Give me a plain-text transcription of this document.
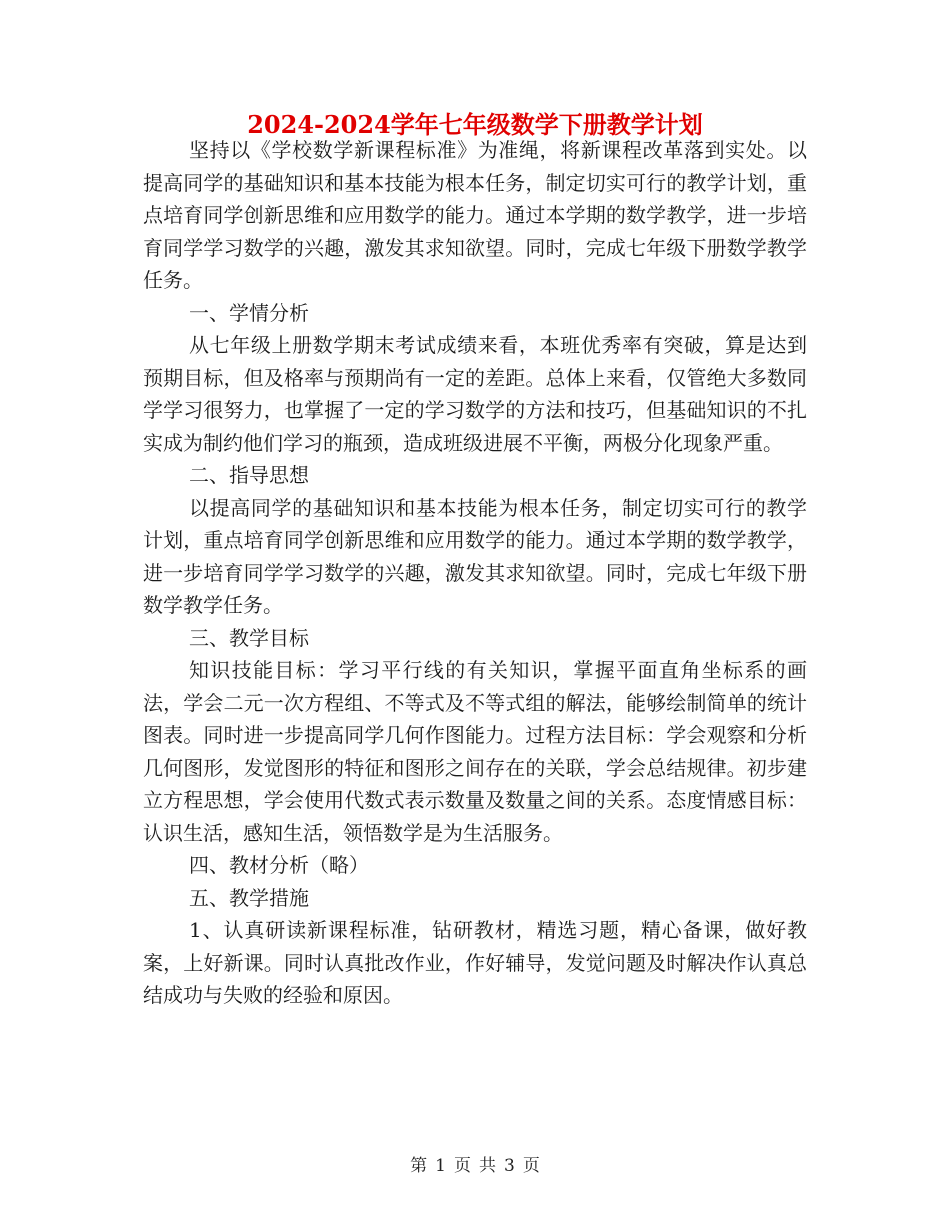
2024-2024学年七年级数学下册教学计划

坚持以《学校数学新课程标准》为准绳，将新课程改革落到实处。以提高同学的基础知识和基本技能为根本任务，制定切实可行的教学计划，重点培育同学创新思维和应用数学的能力。通过本学期的数学教学，进一步培育同学学习数学的兴趣，激发其求知欲望。同时，完成七年级下册数学教学任务。

一、学情分析

从七年级上册数学期末考试成绩来看，本班优秀率有突破，算是达到预期目标，但及格率与预期尚有一定的差距。总体上来看，仅管绝大多数同学学习很努力，也掌握了一定的学习数学的方法和技巧，但基础知识的不扎实成为制约他们学习的瓶颈，造成班级进展不平衡，两极分化现象严重。

二、指导思想

以提高同学的基础知识和基本技能为根本任务，制定切实可行的教学计划，重点培育同学创新思维和应用数学的能力。通过本学期的数学教学，进一步培育同学学习数学的兴趣，激发其求知欲望。同时，完成七年级下册数学教学任务。

三、教学目标

知识技能目标：学习平行线的有关知识，掌握平面直角坐标系的画法，学会二元一次方程组、不等式及不等式组的解法，能够绘制简单的统计图表。同时进一步提高同学几何作图能力。过程方法目标：学会观察和分析几何图形，发觉图形的特征和图形之间存在的关联，学会总结规律。初步建立方程思想，学会使用代数式表示数量及数量之间的关系。态度情感目标：认识生活，感知生活，领悟数学是为生活服务。

四、教材分析（略）

五、教学措施

1、认真研读新课程标准，钻研教材，精选习题，精心备课，做好教案，上好新课。同时认真批改作业，作好辅导，发觉问题及时解决作认真总结成功与失败的经验和原因。

第 1 页 共 3 页
